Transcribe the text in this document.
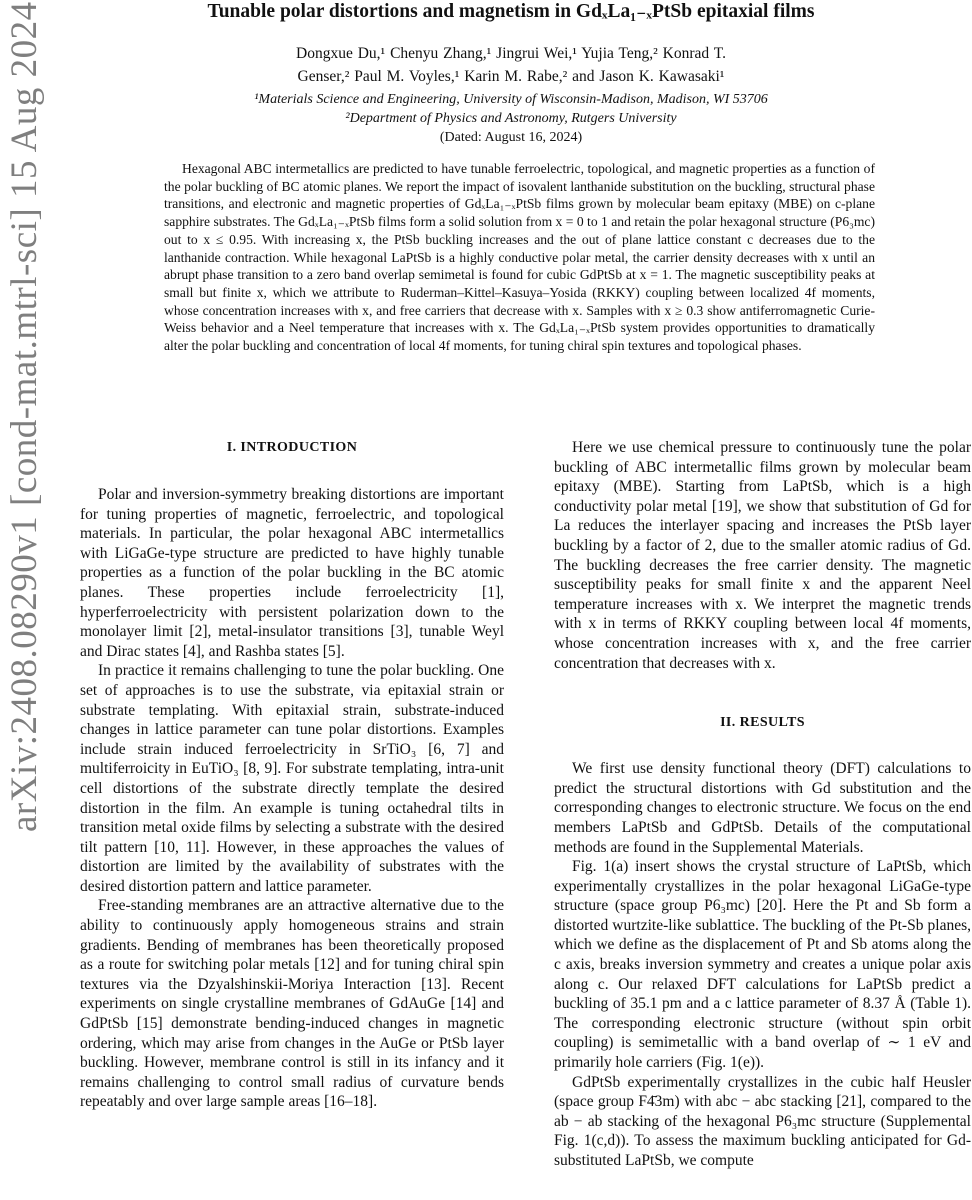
arXiv:2408.08290v1 [cond-mat.mtrl-sci] 15 Aug 2024	Tunable polar distortions and magnetism in GdₓLa₁₋ₓPtSb epitaxial films
Dongxue Du,¹ Chenyu Zhang,¹ Jingrui Wei,¹ Yujia Teng,² Konrad T.
Genser,² Paul M. Voyles,¹ Karin M. Rabe,² and Jason K. Kawasaki¹
¹Materials Science and Engineering, University of Wisconsin-Madison, Madison, WI 53706
²Department of Physics and Astronomy, Rutgers University
(Dated: August 16, 2024)

Hexagonal ABC intermetallics are predicted to have tunable ferroelectric, topological, and magnetic properties as a function of the polar buckling of BC atomic planes. We report the impact of isovalent lanthanide substitution on the buckling, structural phase transitions, and electronic and magnetic properties of GdₓLa₁₋ₓPtSb films grown by molecular beam epitaxy (MBE) on c-plane sapphire substrates. The GdₓLa₁₋ₓPtSb films form a solid solution from x = 0 to 1 and retain the polar hexagonal structure (P6₃mc) out to x ≤ 0.95. With increasing x, the PtSb buckling increases and the out of plane lattice constant c decreases due to the lanthanide contraction. While hexagonal LaPtSb is a highly conductive polar metal, the carrier density decreases with x until an abrupt phase transition to a zero band overlap semimetal is found for cubic GdPtSb at x = 1. The magnetic susceptibility peaks at small but finite x, which we attribute to Ruderman–Kittel–Kasuya–Yosida (RKKY) coupling between localized 4f moments, whose concentration increases with x, and free carriers that decrease with x. Samples with x ≥ 0.3 show antiferromagnetic Curie-Weiss behavior and a Neel temperature that increases with x. The GdₓLa₁₋ₓPtSb system provides opportunities to dramatically alter the polar buckling and concentration of local 4f moments, for tuning chiral spin textures and topological phases.

I. INTRODUCTION

Polar and inversion-symmetry breaking distortions are important for tuning properties of magnetic, ferroelectric, and topological materials. In particular, the polar hexagonal ABC intermetallics with LiGaGe-type structure are predicted to have highly tunable properties as a function of the polar buckling in the BC atomic planes. These properties include ferroelectricity [1], hyperferroelectricity with persistent polarization down to the monolayer limit [2], metal-insulator transitions [3], tunable Weyl and Dirac states [4], and Rashba states [5].

In practice it remains challenging to tune the polar buckling. One set of approaches is to use the substrate, via epitaxial strain or substrate templating. With epitaxial strain, substrate-induced changes in lattice parameter can tune polar distortions. Examples include strain induced ferroelectricity in SrTiO₃ [6, 7] and multiferroicity in EuTiO₃ [8, 9]. For substrate templating, intra-unit cell distortions of the substrate directly template the desired distortion in the film. An example is tuning octahedral tilts in transition metal oxide films by selecting a substrate with the desired tilt pattern [10, 11]. However, in these approaches the values of distortion are limited by the availability of substrates with the desired distortion pattern and lattice parameter.

Free-standing membranes are an attractive alternative due to the ability to continuously apply homogeneous strains and strain gradients. Bending of membranes has been theoretically proposed as a route for switching polar metals [12] and for tuning chiral spin textures via the Dzyalshinskii-Moriya Interaction [13]. Recent experiments on single crystalline membranes of GdAuGe [14] and GdPtSb [15] demonstrate bending-induced changes in magnetic ordering, which may arise from changes in the AuGe or PtSb layer buckling. However, membrane control is still in its infancy and it remains challenging to control small radius of curvature bends repeatably and over large sample areas [16–18].

Here we use chemical pressure to continuously tune the polar buckling of ABC intermetallic films grown by molecular beam epitaxy (MBE). Starting from LaPtSb, which is a high conductivity polar metal [19], we show that substitution of Gd for La reduces the interlayer spacing and increases the PtSb layer buckling by a factor of 2, due to the smaller atomic radius of Gd. The buckling decreases the free carrier density. The magnetic susceptibility peaks for small finite x and the apparent Neel temperature increases with x. We interpret the magnetic trends with x in terms of RKKY coupling between local 4f moments, whose concentration increases with x, and the free carrier concentration that decreases with x.

II. RESULTS

We first use density functional theory (DFT) calculations to predict the structural distortions with Gd substitution and the corresponding changes to electronic structure. We focus on the end members LaPtSb and GdPtSb. Details of the computational methods are found in the Supplemental Materials.

Fig. 1(a) insert shows the crystal structure of LaPtSb, which experimentally crystallizes in the polar hexagonal LiGaGe-type structure (space group P6₃mc) [20]. Here the Pt and Sb form a distorted wurtzite-like sublattice. The buckling of the Pt-Sb planes, which we define as the displacement of Pt and Sb atoms along the c axis, breaks inversion symmetry and creates a unique polar axis along c. Our relaxed DFT calculations for LaPtSb predict a buckling of 35.1 pm and a c lattice parameter of 8.37 Å (Table 1). The corresponding electronic structure (without spin orbit coupling) is semimetallic with a band overlap of ∼ 1 eV and primarily hole carriers (Fig. 1(e)).

GdPtSb experimentally crystallizes in the cubic half Heusler (space group F4̄3m) with abc − abc stacking [21], compared to the ab − ab stacking of the hexagonal P6₃mc structure (Supplemental Fig. 1(c,d)). To assess the maximum buckling anticipated for Gd-substituted LaPtSb, we compute
